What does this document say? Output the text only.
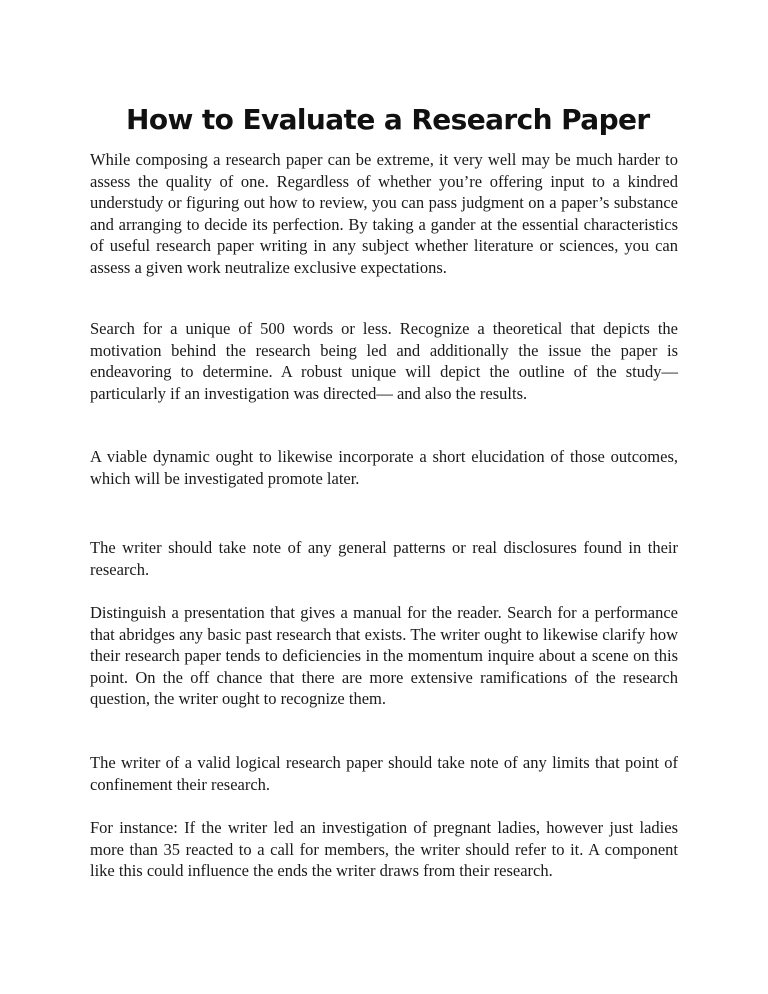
How to Evaluate a Research Paper

While composing a research paper can be extreme, it very well may be much harder to assess the quality of one. Regardless of whether you’re offering input to a kindred understudy or figuring out how to review, you can pass judgment on a paper’s substance and arranging to decide its perfection. By taking a gander at the essential characteristics of useful research paper writing in any subject whether literature or sciences, you can assess a given work neutralize exclusive expectations.

Search for a unique of 500 words or less. Recognize a theoretical that depicts the motivation behind the research being led and additionally the issue the paper is endeavoring to determine. A robust unique will depict the outline of the study—particularly if an investigation was directed— and also the results.

A viable dynamic ought to likewise incorporate a short elucidation of those outcomes, which will be investigated promote later.

The writer should take note of any general patterns or real disclosures found in their research.

Distinguish a presentation that gives a manual for the reader. Search for a performance that abridges any basic past research that exists. The writer ought to likewise clarify how their research paper tends to deficiencies in the momentum inquire about a scene on this point. On the off chance that there are more extensive ramifications of the research question, the writer ought to recognize them.

The writer of a valid logical research paper should take note of any limits that point of confinement their research.

For instance: If the writer led an investigation of pregnant ladies, however just ladies more than 35 reacted to a call for members, the writer should refer to it. A component like this could influence the ends the writer draws from their research.
